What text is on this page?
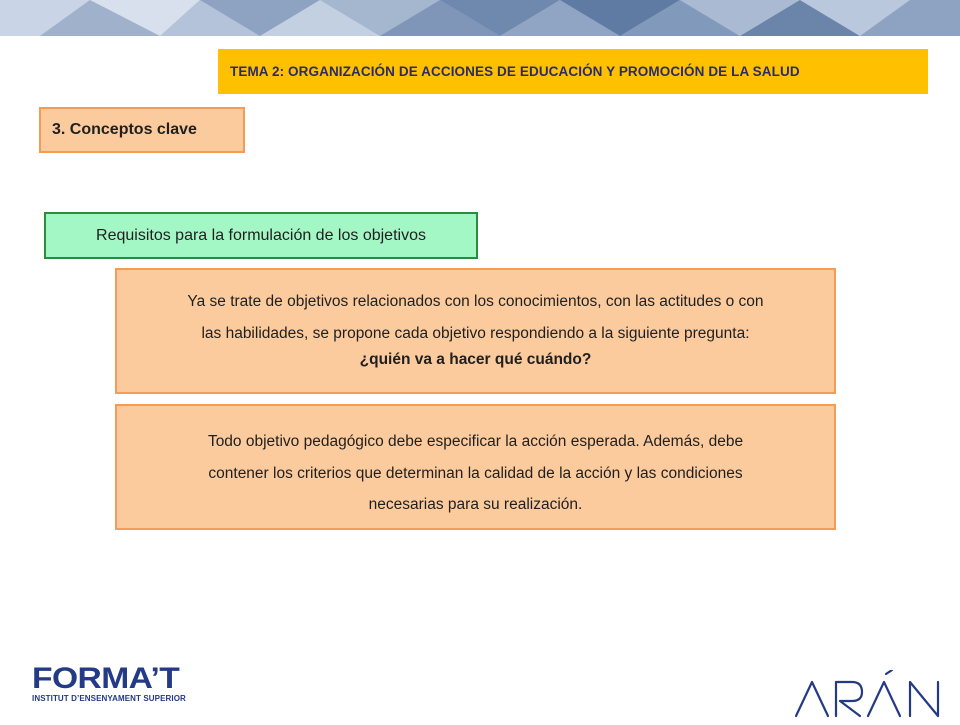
TEMA 2: ORGANIZACIÓN DE ACCIONES DE EDUCACIÓN Y PROMOCIÓN DE LA SALUD
3. Conceptos clave
Requisitos para la formulación de los objetivos
Ya se trate de objetivos relacionados con los conocimientos, con las actitudes o con
las habilidades, se propone cada objetivo respondiendo a la siguiente pregunta:
¿quién va a hacer qué cuándo?
Todo objetivo pedagógico debe especificar la acción esperada. Además, debe
contener los criterios que determinan la calidad de la acción y las condiciones
necesarias para su realización.
FORMA’T
INSTITUT D’ENSENYAMENT SUPERIOR
